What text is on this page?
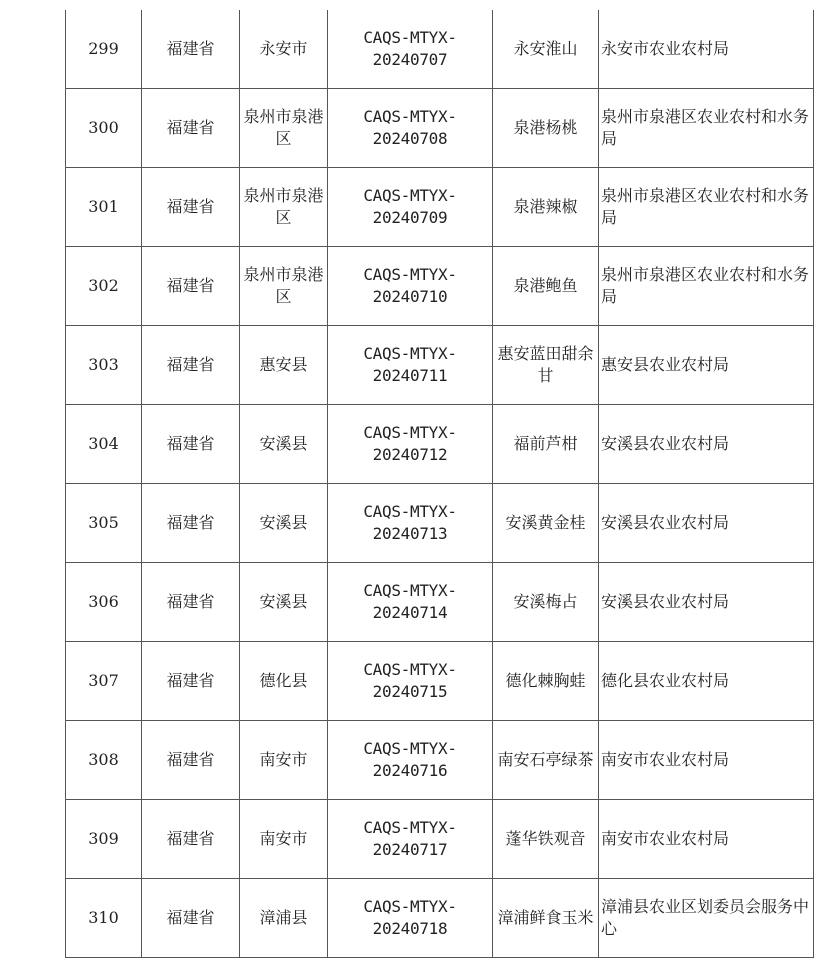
299	福建省	永安市	CAQS-MTYX-20240707	永安淮山	永安市农业农村局
300	福建省	泉州市泉港区	CAQS-MTYX-20240708	泉港杨桃	泉州市泉港区农业农村和水务局
301	福建省	泉州市泉港区	CAQS-MTYX-20240709	泉港辣椒	泉州市泉港区农业农村和水务局
302	福建省	泉州市泉港区	CAQS-MTYX-20240710	泉港鲍鱼	泉州市泉港区农业农村和水务局
303	福建省	惠安县	CAQS-MTYX-20240711	惠安蓝田甜余甘	惠安县农业农村局
304	福建省	安溪县	CAQS-MTYX-20240712	福前芦柑	安溪县农业农村局
305	福建省	安溪县	CAQS-MTYX-20240713	安溪黄金桂	安溪县农业农村局
306	福建省	安溪县	CAQS-MTYX-20240714	安溪梅占	安溪县农业农村局
307	福建省	德化县	CAQS-MTYX-20240715	德化棘胸蛙	德化县农业农村局
308	福建省	南安市	CAQS-MTYX-20240716	南安石亭绿茶	南安市农业农村局
309	福建省	南安市	CAQS-MTYX-20240717	蓬华铁观音	南安市农业农村局
310	福建省	漳浦县	CAQS-MTYX-20240718	漳浦鲜食玉米	漳浦县农业区划委员会服务中心
